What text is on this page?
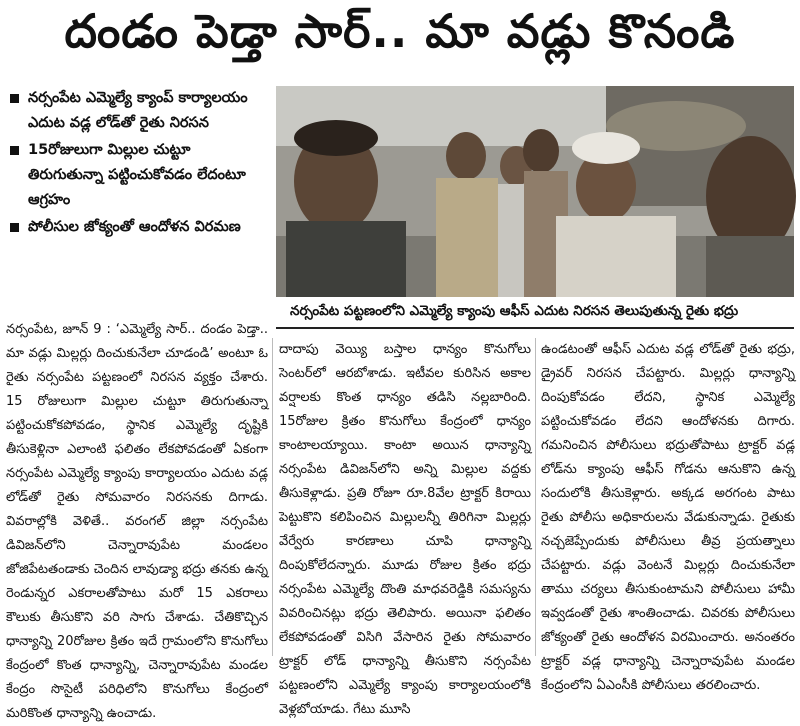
దండం పెడ్తా సార్.. మా వడ్లు కొనండి
నర్సంపేట ఎమ్మెల్యే క్యాంప్ కార్యాలయం ఎదుట వడ్ల లోడ్‌తో రైతు నిరసన
15రోజులుగా మిల్లుల చుట్టూ తిరుగుతున్నా పట్టించుకోవడం లేదంటూ ఆగ్రహం
పోలీసుల జోక్యంతో ఆందోళన విరమణ
నర్సంపేట పట్టణంలోని ఎమ్మెల్యే క్యాంపు ఆఫీస్ ఎదుట నిరసన తెలుపుతున్న రైతు భద్రు

నర్సంపేట, జూన్ 9 : ‘ఎమ్మెల్యే సార్.. దండం పెడ్తా.. మా వడ్లు మిల్లర్లు దించుకునేలా చూడండి’ అంటూ ఓ రైతు నర్సంపేట పట్టణంలో నిరసన వ్యక్తం చేశారు. 15 రోజులుగా మిల్లుల చుట్టూ తిరుగుతున్నా పట్టించుకోకపోవడం, స్థానిక ఎమ్మెల్యే దృష్టికి తీసుకెళ్లినా ఎలాంటి ఫలితం లేకపోవడంతో ఏకంగా నర్సంపేట ఎమ్మెల్యే క్యాంపు కార్యాలయం ఎదుట వడ్ల లోడ్‌తో రైతు సోమవారం నిరసనకు దిగాడు. వివరాల్లోకి వెళితే.. వరంగల్ జిల్లా నర్సంపేట డివిజన్‌లోని చెన్నారావుపేట మండలం జోజిపేటతండాకు చెందిన లావుడ్యా భద్రు తనకు ఉన్న రెండున్నర ఎకరాలతోపాటు మరో 15 ఎకరాలు కౌలుకు తీసుకొని వరి సాగు చేశాడు. చేతికొచ్చిన ధాన్యాన్ని 20రోజుల క్రితం ఇదే గ్రామంలోని కొనుగోలు కేంద్రంలో కొంత ధాన్యాన్ని, చెన్నారావుపేట మండల కేంద్రం సొసైటీ పరిధిలోని కొనుగోలు కేంద్రంలో మరికొంత ధాన్యాన్ని ఉంచాడు.

దాదాపు వెయ్యి బస్తాల ధాన్యం కొనుగోలు సెంటర్‌లో ఆరబోశాడు. ఇటీవల కురిసిన అకాల వర్షాలకు కొంత ధాన్యం తడిసి నల్లబారింది. 15రోజుల క్రితం కొనుగోలు కేంద్రంలో ధాన్యం కాంటాలయ్యాయి. కాంటా అయిన ధాన్యాన్ని నర్సంపేట డివిజన్‌లోని అన్ని మిల్లుల వద్దకు తీసుకెళ్లాడు. ప్రతి రోజూ రూ.8వేల ట్రాక్టర్ కిరాయి పెట్టుకొని కలిపించిన మిల్లులన్నీ తిరిగినా మిల్లర్లు వేర్వేరు కారణాలు చూపి ధాన్యాన్ని దింపుకోలేదన్నారు. మూడు రోజుల క్రితం భద్రు నర్సంపేట ఎమ్మెల్యే దొంతి మాధవరెడ్డికి సమస్యను వివరించినట్లు భద్రు తెలిపారు. అయినా ఫలితం లేకపోవడంతో విసిగి వేసారిన రైతు సోమవారం ట్రాక్టర్ లోడ్ ధాన్యాన్ని తీసుకొని నర్సంపేట పట్టణంలోని ఎమ్మెల్యే క్యాంపు కార్యాలయంలోకి వెళ్లబోయాడు. గేటు మూసి

ఉండటంతో ఆఫీస్ ఎదుట వడ్ల లోడ్‌తో రైతు భద్రు, డ్రైవర్ నిరసన చేపట్టారు. మిల్లర్లు ధాన్యాన్ని దింపుకోవడం లేదని, స్థానిక ఎమ్మెల్యే పట్టించుకోవడం లేదని ఆందోళనకు దిగారు. గమనించిన పోలీసులు భద్రుతోపాటు ట్రాక్టర్ వడ్ల లోడ్‌ను క్యాంపు ఆఫీస్ గోడను ఆనుకొని ఉన్న సందులోకి తీసుకెళ్లారు. అక్కడ అరగంట పాటు రైతు పోలీసు అధికారులను వేడుకున్నాడు. రైతుకు నచ్చజెప్పేందుకు పోలీసులు తీవ్ర ప్రయత్నాలు చేపట్టారు. వడ్లు వెంటనే మిల్లర్లు దించుకునేలా తాము చర్యలు తీసుకుంటామని పోలీసులు హామీ ఇవ్వడంతో రైతు శాంతించాడు. చివరకు పోలీసులు జోక్యంతో రైతు ఆందోళన విరమించారు. అనంతరం ట్రాక్టర్ వడ్ల ధాన్యాన్ని చెన్నారావుపేట మండల కేంద్రంలోని ఏఎంసీకి పోలీసులు తరలించారు.
